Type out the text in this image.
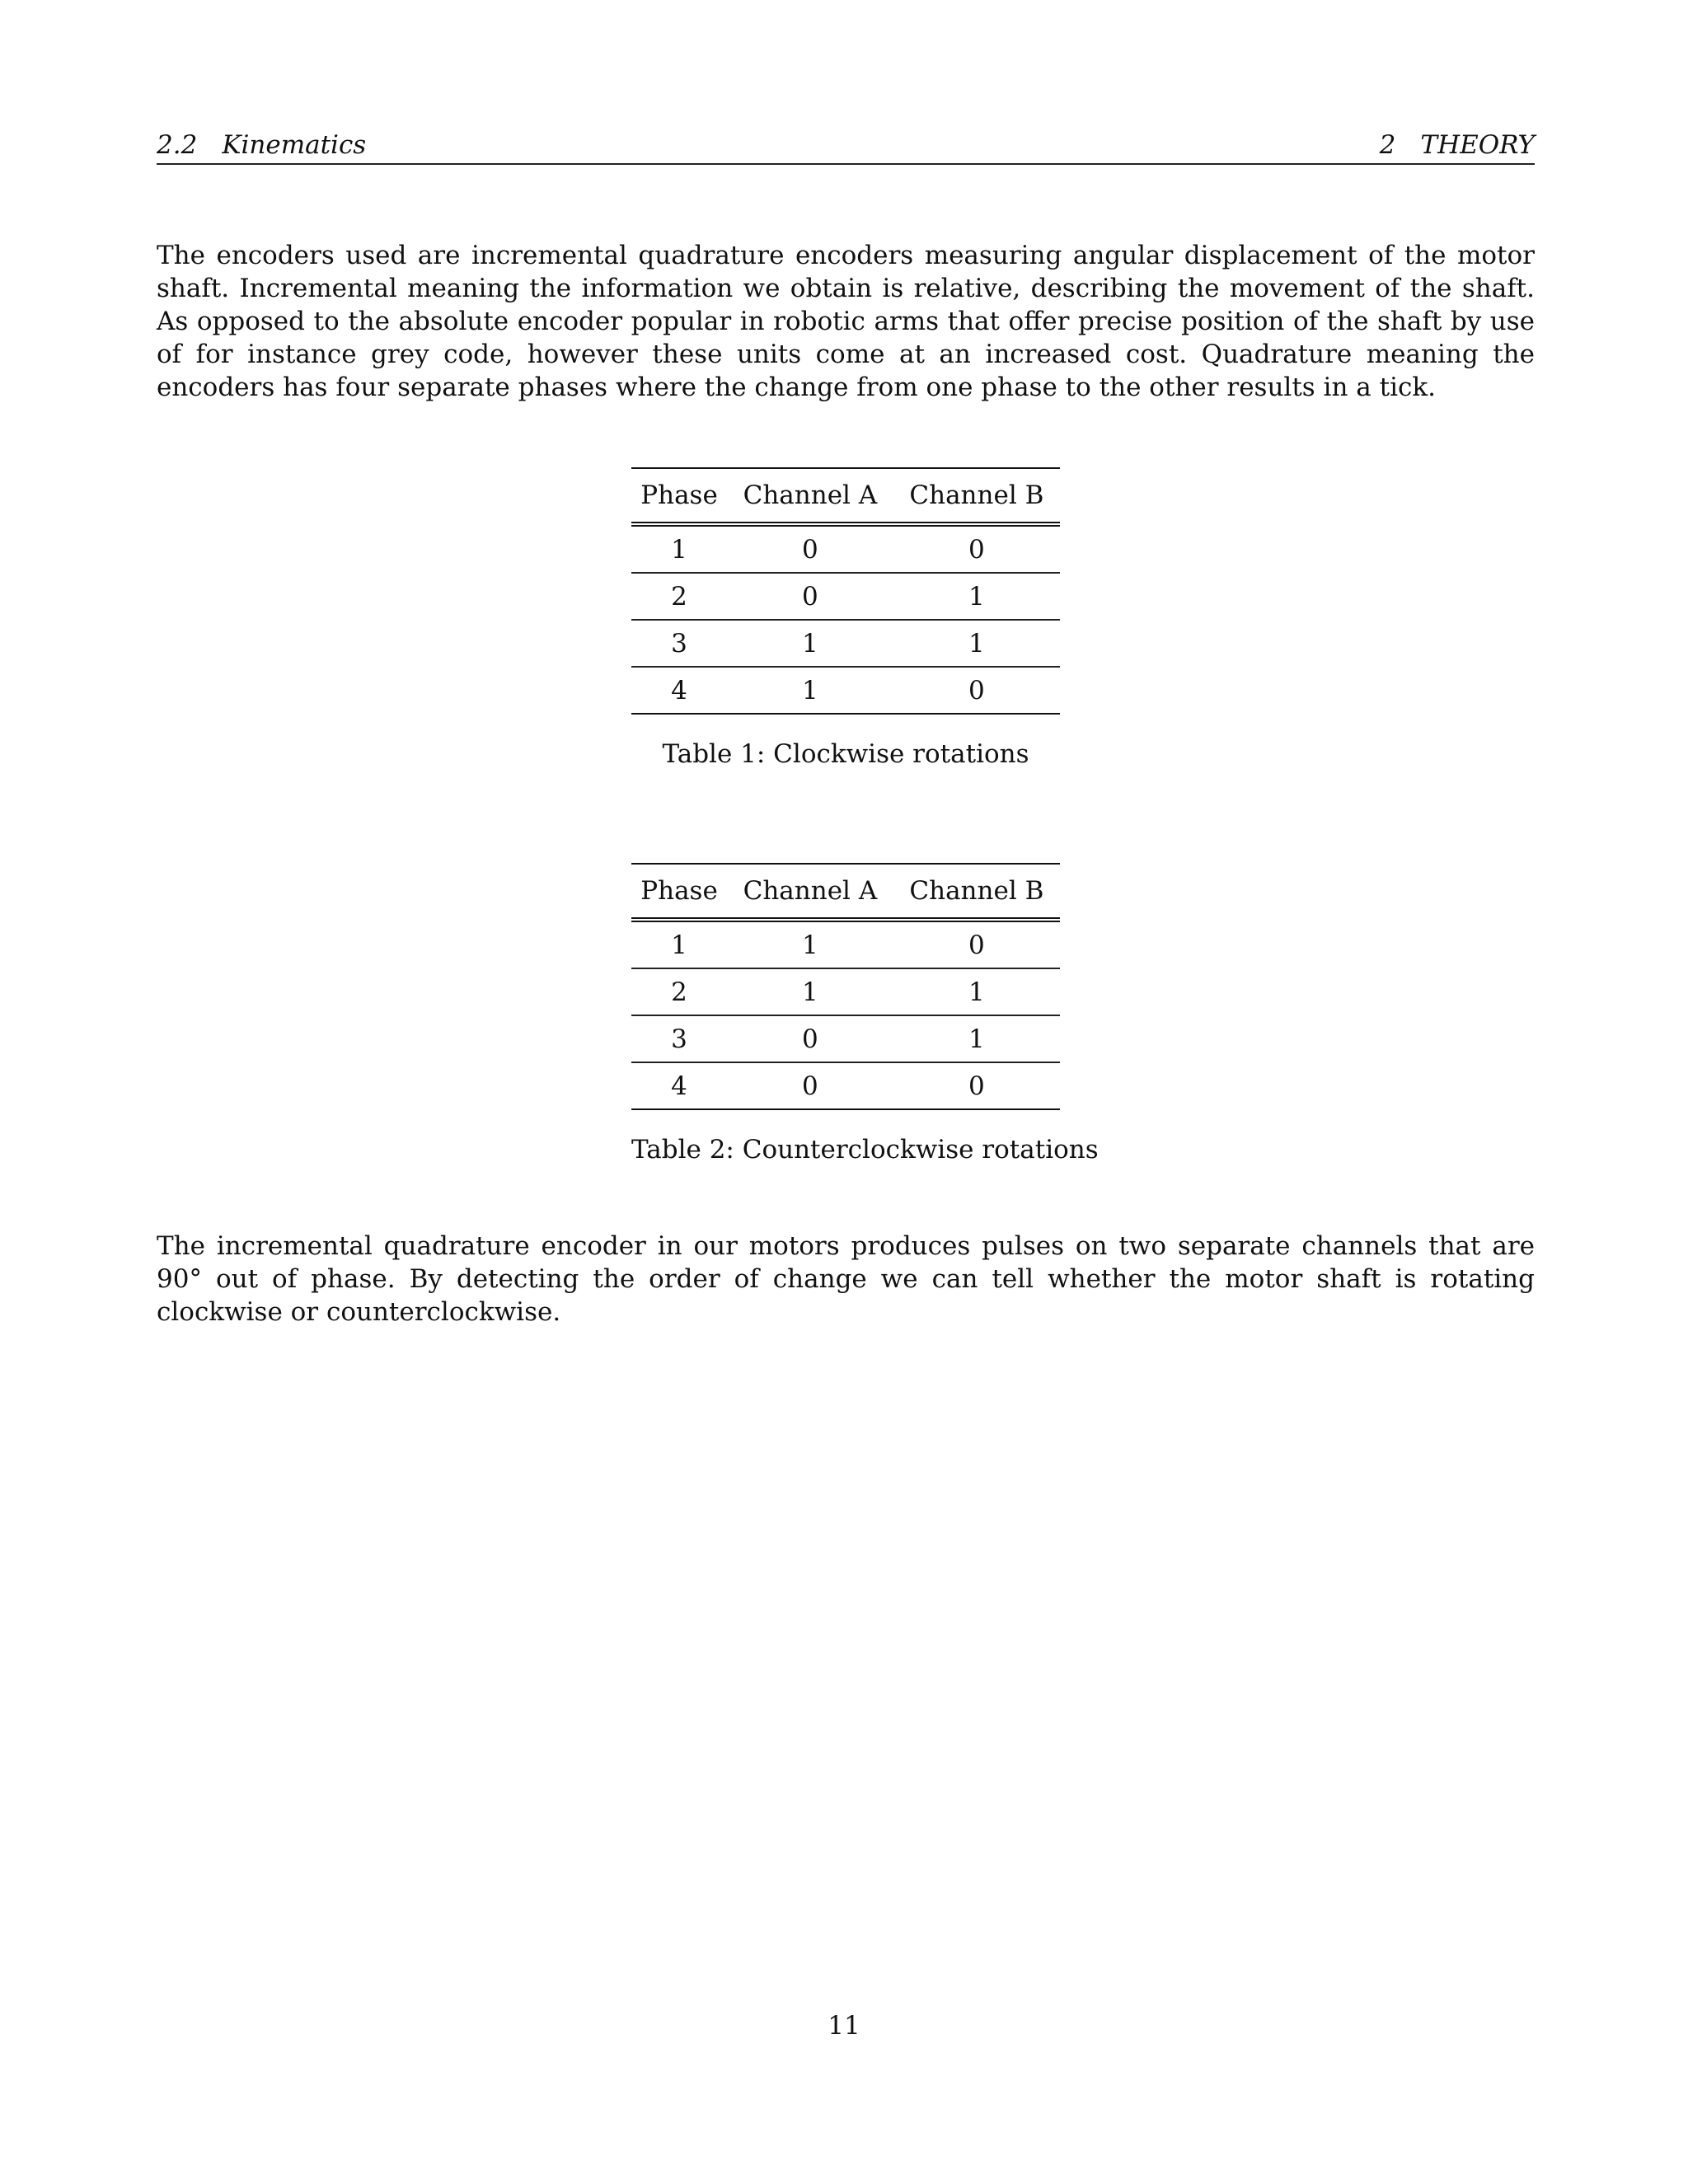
2.2 Kinematics	2 THEORY

The encoders used are incremental quadrature encoders measuring angular displacement of the motor shaft. Incremental meaning the information we obtain is relative, describing the movement of the shaft. As opposed to the absolute encoder popular in robotic arms that offer precise position of the shaft by use of for instance grey code, however these units come at an increased cost. Quadrature meaning the encoders has four separate phases where the change from one phase to the other results in a tick.

Phase	Channel A	Channel B
1	0	0
2	0	1
3	1	1
4	1	0
Table 1: Clockwise rotations
Phase	Channel A	Channel B
1	1	0
2	1	1
3	0	1
4	0	0
Table 2: Counterclockwise rotations

The incremental quadrature encoder in our motors produces pulses on two separate channels that are 90° out of phase. By detecting the order of change we can tell whether the motor shaft is rotating clockwise or counterclockwise.

11
